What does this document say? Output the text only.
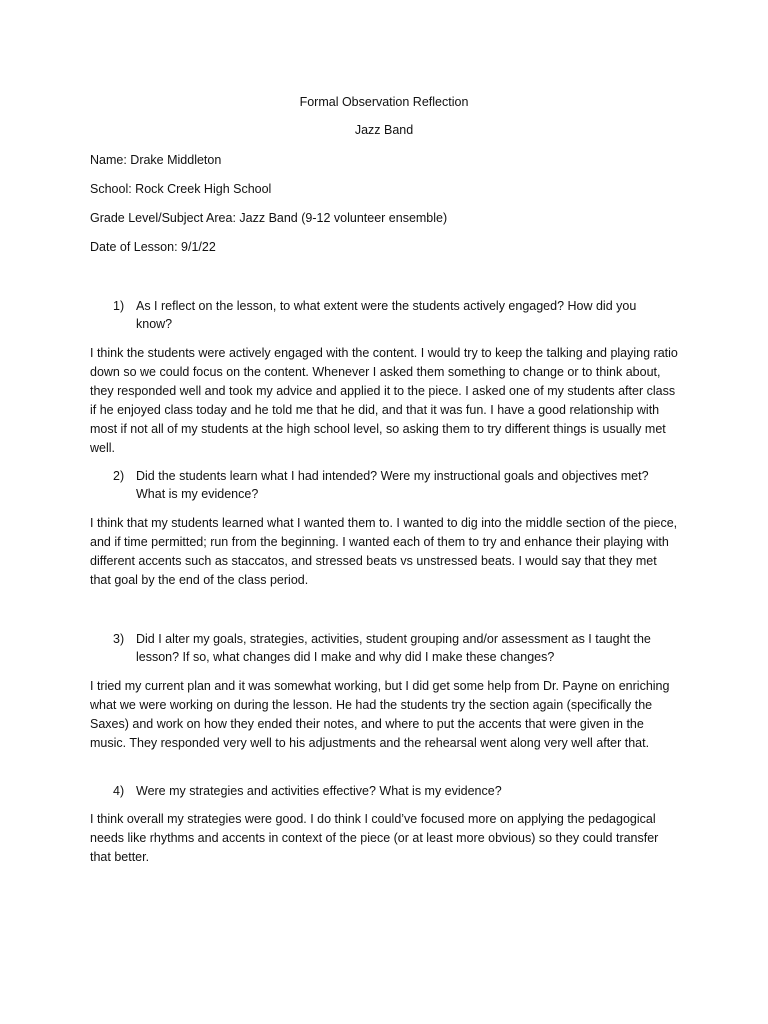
Formal Observation Reflection
Jazz Band
Name: Drake Middleton
School: Rock Creek High School
Grade Level/Subject Area: Jazz Band (9-12 volunteer ensemble)
Date of Lesson: 9/1/22
1) As I reflect on the lesson, to what extent were the students actively engaged? How did you know?
I think the students were actively engaged with the content. I would try to keep the talking and playing ratio down so we could focus on the content. Whenever I asked them something to change or to think about, they responded well and took my advice and applied it to the piece. I asked one of my students after class if he enjoyed class today and he told me that he did, and that it was fun. I have a good relationship with most if not all of my students at the high school level, so asking them to try different things is usually met well.
2) Did the students learn what I had intended? Were my instructional goals and objectives met? What is my evidence?
I think that my students learned what I wanted them to. I wanted to dig into the middle section of the piece, and if time permitted; run from the beginning. I wanted each of them to try and enhance their playing with different accents such as staccatos, and stressed beats vs unstressed beats. I would say that they met that goal by the end of the class period.
3) Did I alter my goals, strategies, activities, student grouping and/or assessment as I taught the lesson? If so, what changes did I make and why did I make these changes?
I tried my current plan and it was somewhat working, but I did get some help from Dr. Payne on enriching what we were working on during the lesson. He had the students try the section again (specifically the Saxes) and work on how they ended their notes, and where to put the accents that were given in the music. They responded very well to his adjustments and the rehearsal went along very well after that.
4) Were my strategies and activities effective? What is my evidence?
I think overall my strategies were good. I do think I could’ve focused more on applying the pedagogical needs like rhythms and accents in context of the piece (or at least more obvious) so they could transfer that better.
